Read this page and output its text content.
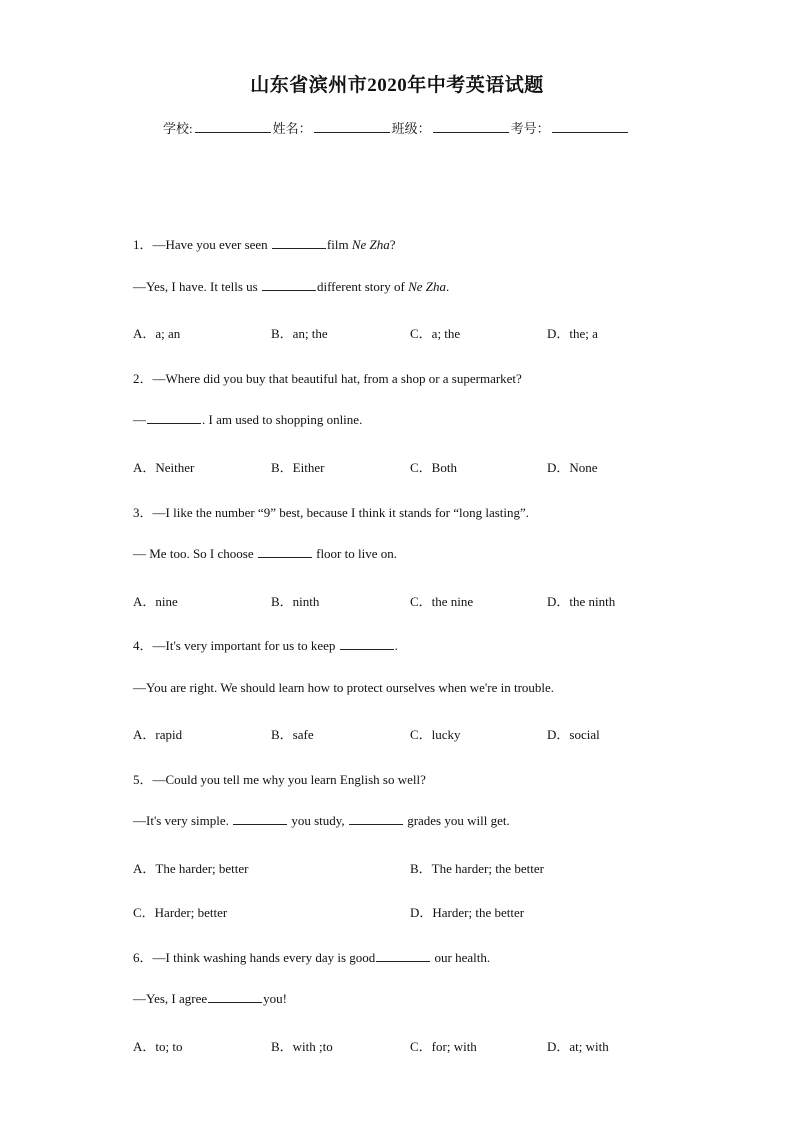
山东省滨州市2020年中考英语试题
学校:	姓名：	班级：	考号：
1．—Have you ever seen	film Ne Zha?
—Yes, I have. It tells us	different story of Ne Zha.
A．a; an	B．an; the	C．a; the	D．the; a
2．—Where did you buy that beautiful hat, from a shop or a supermarket?
—	. I am used to shopping online.
A．Neither	B．Either	C．Both	D．None
3．—I like the number “9” best, because I think it stands for “long lasting”.
— Me too. So I choose	floor to live on.
A．nine	B．ninth	C．the nine	D．the ninth
4．—It's very important for us to keep	.
—You are right. We should learn how to protect ourselves when we're in trouble.
A．rapid	B．safe	C．lucky	D．social
5．—Could you tell me why you learn English so well?
—It's very simple.	you study,	grades you will get.
A．The harder; better	B．The harder; the better
C．Harder; better	D．Harder; the better
6．—I think washing hands every day is good	our health.
—Yes, I agree	you!
A．to; to	B．with ;to	C．for; with	D．at; with
